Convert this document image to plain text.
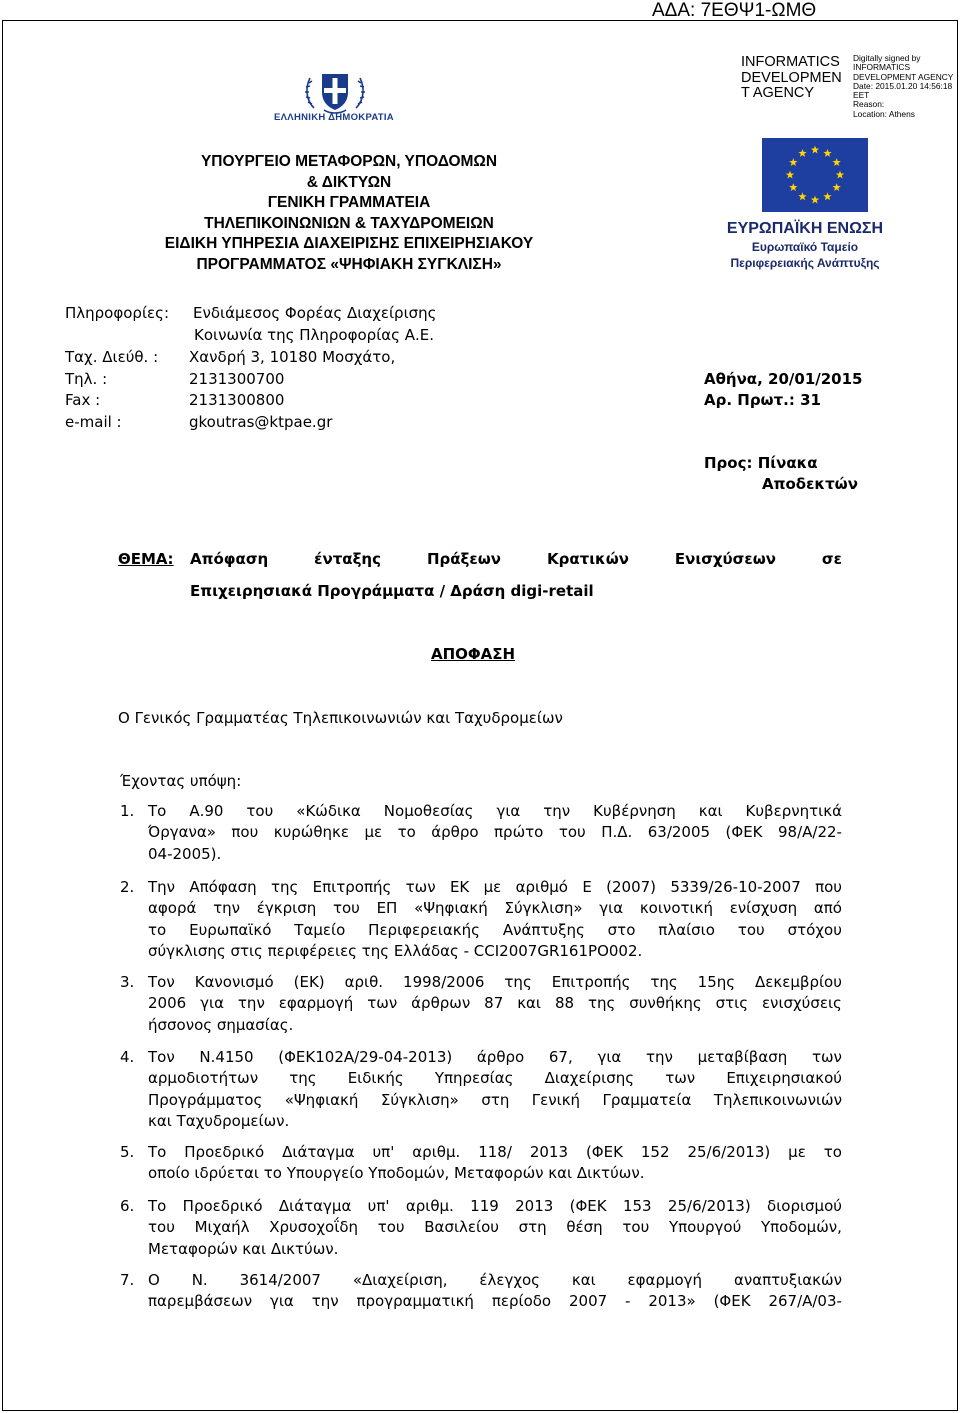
ΑΔΑ: 7ΕΘΨ1-ΩΜΘ
INFORMATICS
DEVELOPMEN
T AGENCY
Digitally signed by
INFORMATICS
DEVELOPMENT AGENCY
Date: 2015.01.20 14:56:18
EET
Reason:
Location: Athens
ΕΛΛΗΝΙΚΗ ΔΗΜΟΚΡΑΤΙΑ
ΥΠΟΥΡΓΕΙΟ ΜΕΤΑΦΟΡΩΝ, ΥΠΟΔΟΜΩΝ
& ΔΙΚΤΥΩΝ
ΓΕΝΙΚΗ ΓΡΑΜΜΑΤΕΙΑ
ΤΗΛΕΠΙΚΟΙΝΩΝΙΩΝ & ΤΑΧΥΔΡΟΜΕΙΩΝ
ΕΙΔΙΚΗ ΥΠΗΡΕΣΙΑ ΔΙΑΧΕΙΡΙΣΗΣ ΕΠΙΧΕΙΡΗΣΙΑΚΟΥ
ΠΡΟΓΡΑΜΜΑΤΟΣ «ΨΗΦΙΑΚΗ ΣΥΓΚΛΙΣΗ»
ΕΥΡΩΠΑΪΚΗ ΕΝΩΣΗ
Ευρωπαϊκό Ταμείο
Περιφερειακής Ανάπτυξης
Πληροφορίες: Ενδιάμεσος Φορέας Διαχείρισης
Κοινωνία της Πληροφορίας Α.Ε.
Ταχ. Διεύθ. : Χανδρή 3, 10180 Μοσχάτο,
Τηλ. :	2131300700
Fax :	2131300800
e-mail :	gkoutras@ktpae.gr
Αθήνα, 20/01/2015
Αρ. Πρωτ.: 31
Προς: Πίνακα
Αποδεκτών
ΘΕΜΑ: Απόφαση	ένταξης	Πράξεων	Κρατικών	Ενισχύσεων	σε
Επιχειρησιακά Προγράμματα / Δράση digi-retail
ΑΠΟΦΑΣΗ
Ο Γενικός Γραμματέας Τηλεπικοινωνιών και Ταχυδρομείων
Έχοντας υπόψη:
1. Το Α.90 του «Κώδικα Νομοθεσίας για την Κυβέρνηση και Κυβερνητικά
Όργανα» που κυρώθηκε με το άρθρο πρώτο του Π.Δ. 63/2005 (ΦΕΚ 98/Α/22-
04-2005).
2. Την Απόφαση της Επιτροπής των ΕΚ με αριθμό Ε (2007) 5339/26-10-2007 που
αφορά την έγκριση του ΕΠ «Ψηφιακή Σύγκλιση» για κοινοτική ενίσχυση από
το Ευρωπαϊκό Ταμείο Περιφερειακής Ανάπτυξης στο πλαίσιο του στόχου
σύγκλισης στις περιφέρειες της Ελλάδας - CCI2007GR161PO002.
3. Τον Κανονισμό (ΕΚ) αριθ. 1998/2006 της Επιτροπής της 15ης Δεκεμβρίου
2006 για την εφαρμογή των άρθρων 87 και 88 της συνθήκης στις ενισχύσεις
ήσσονος σημασίας.
4. Τον Ν.4150 (ΦΕΚ102Α/29-04-2013) άρθρο 67, για την μεταβίβαση των
αρμοδιοτήτων της Ειδικής Υπηρεσίας Διαχείρισης των Επιχειρησιακού
Προγράμματος «Ψηφιακή Σύγκλιση» στη Γενική Γραμματεία Τηλεπικοινωνιών
και Ταχυδρομείων.
5. Το Προεδρικό Διάταγμα υπ' αριθμ. 118/ 2013 (ΦΕΚ 152 25/6/2013) με το
οποίο ιδρύεται το Υπουργείο Υποδομών, Μεταφορών και Δικτύων.
6. Το Προεδρικό Διάταγμα υπ' αριθμ. 119 2013 (ΦΕΚ 153 25/6/2013) διορισμού
του Μιχαήλ Χρυσοχοΐδη του Βασιλείου στη θέση του Υπουργού Υποδομών,
Μεταφορών και Δικτύων.
7. Ο Ν. 3614/2007 «Διαχείριση, έλεγχος και εφαρμογή αναπτυξιακών
παρεμβάσεων για την προγραμματική περίοδο 2007 - 2013» (ΦΕΚ 267/Α/03-
